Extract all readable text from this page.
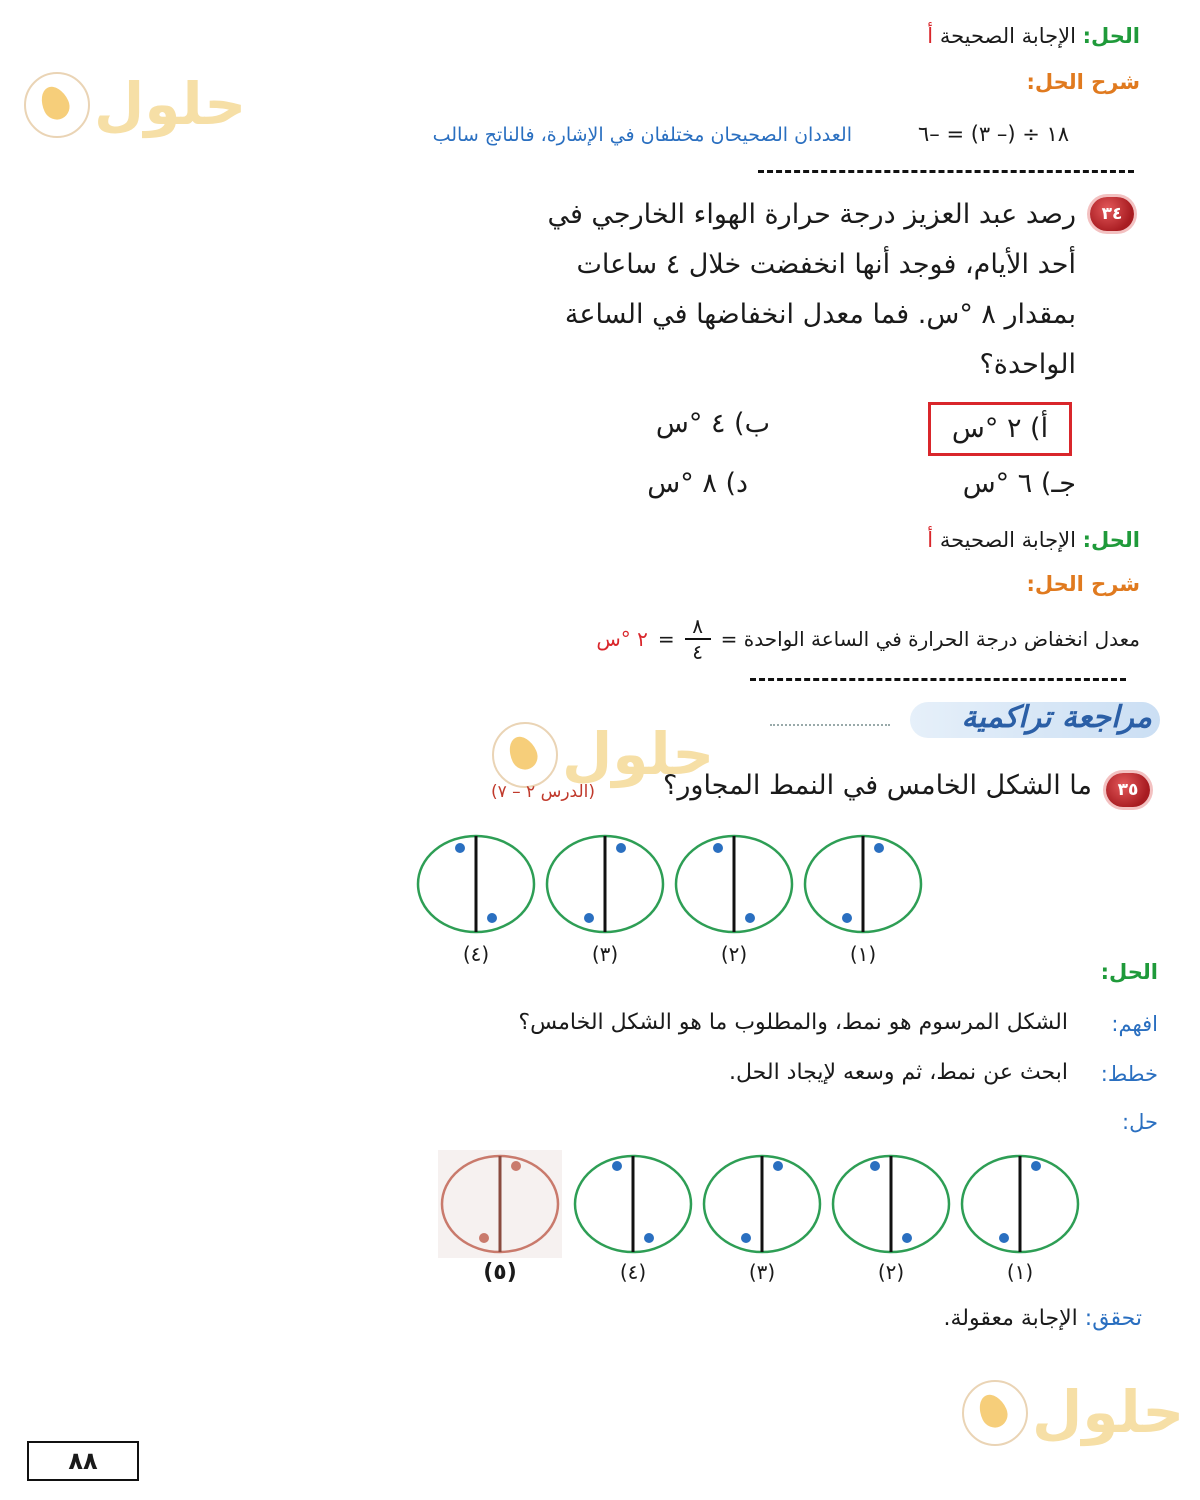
حلول
حلول
حلول
الحل: الإجابة الصحيحة أ
شرح الحل:
١٨ ÷ (– ٣) = –٦
العددان الصحيحان مختلفان في الإشارة، فالناتج سالب
٣٤
رصد عبد العزيز درجة حرارة الهواء الخارجي في
أحد الأيام، فوجد أنها انخفضت خلال ٤ ساعات
بمقدار ٨ °س. فما معدل انخفاضها في الساعة
الواحدة؟
أ) ٢ °س
ب) ٤ °س
جـ) ٦ °س
د) ٨ °س
الحل: الإجابة الصحيحة أ
شرح الحل:
معدل انخفاض درجة الحرارة في الساعة الواحدة =
٨
٤
=
٢ °س
مراجعة تراكمية
٣٥
ما الشكل الخامس في النمط المجاور؟
(الدرس ٢ – ٧)
(٤)	(٣)	(٢)	(١)
الحل:
افهم:
الشكل المرسوم هو نمط، والمطلوب ما هو الشكل الخامس؟
خطط:
ابحث عن نمط، ثم وسعه لإيجاد الحل.
حل:
(٥)	(٤)	(٣)	(٢)	(١)
تحقق: الإجابة معقولة.
٨٨
